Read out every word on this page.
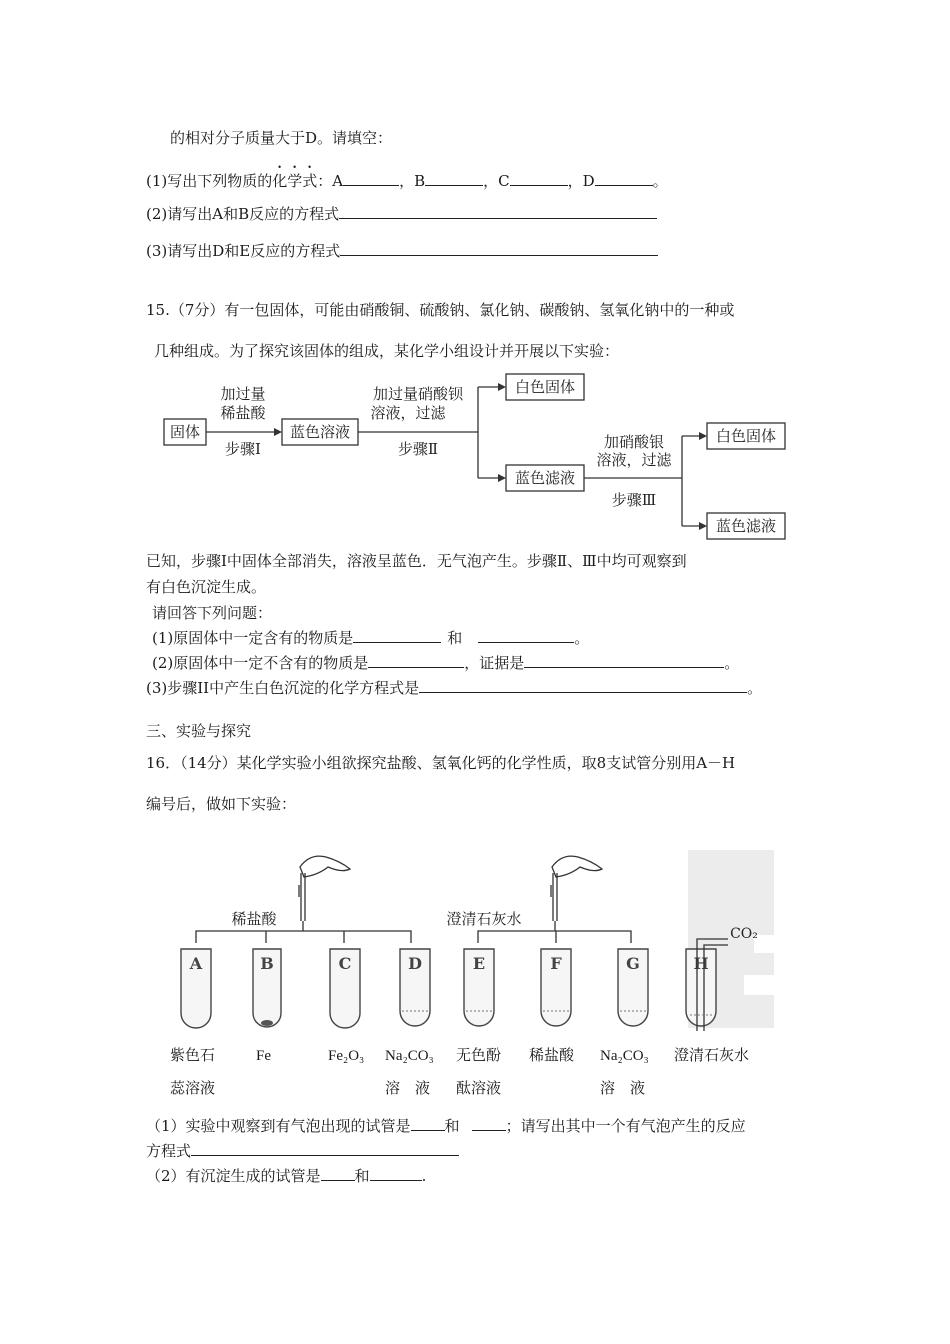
的相对分子质量大于D。请填空：
(1)写出下列物质的化学式：A	，B	，C	，D	。
(2)请写出A和B反应的方程式
(3)请写出D和E反应的方程式
15.（7分）有一包固体，可能由硝酸铜、硫酸钠、氯化钠、碳酸钠、氢氧化钠中的一种或
几种组成。为了探究该固体的组成，某化学小组设计并开展以下实验：
固体	蓝色溶液
白色固体
蓝色滤液
白色固体
蓝色滤液
加过量
稀盐酸
步骤Ⅰ
加过量硝酸钡
溶液，过滤
步骤Ⅱ	加硝酸银
溶液，过滤
步骤Ⅲ
已知，步骤Ⅰ中固体全部消失，溶液呈蓝色．无气泡产生。步骤Ⅱ、Ⅲ中均可观察到
有白色沉淀生成。
请回答下列问题：
(1)原固体中一定含有的物质是	和	。
(2)原固体中一定不含有的物质是	，证据是	。
(3)步骤II中产生白色沉淀的化学方程式是	。
三、实验与探究
16．（14分）某化学实验小组欲探究盐酸、氢氧化钙的化学性质，取8支试管分别用A－H
编号后，做如下实验：
稀盐酸	澄清石灰水
CO₂
A	B	C	D	E	F	G	H
紫色石
蕊溶液
Fe	Fe₂O₃ Na₂CO₃
溶　液
无色酚
酞溶液
稀盐酸 Na₂CO₃
溶　液
澄清石灰水
（1）实验中观察到有气泡出现的试管是 和	；请写出其中一个有气泡产生的反应
方程式
（2）有沉淀生成的试管是 和	.
